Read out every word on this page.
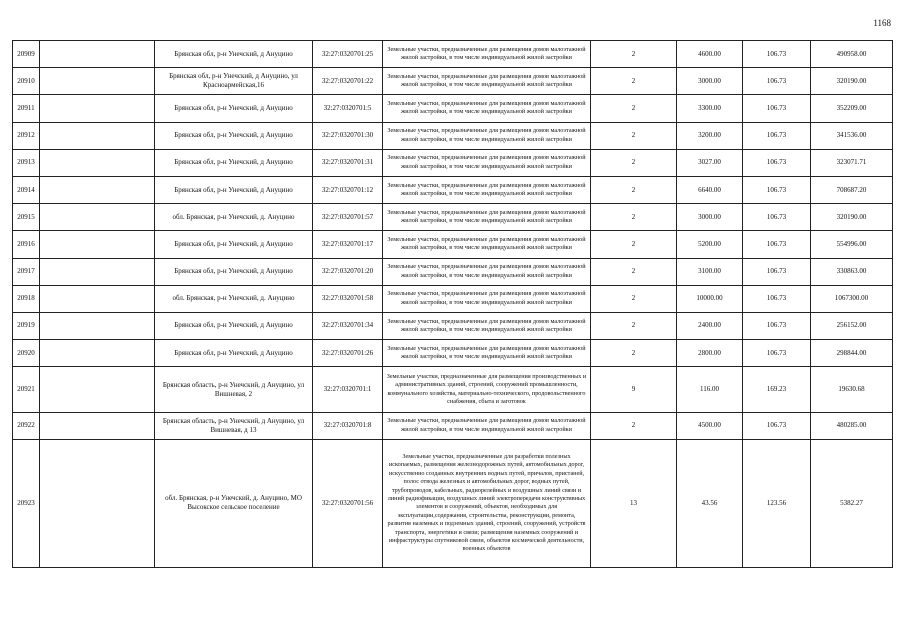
1168
20909		Брянская обл, р-н Унечский, д Ануцино	32:27:0320701:25	Земельные участки, предназначенные для размещения домов малоэтажной жилой застройки, в том числе индивидуальной жилой застройки	2	4600.00	106.73	490958.00
20910		Брянская обл, р-н Унечский, д Ануцино, ул Красноармейская,16	32:27:0320701:22	Земельные участки, предназначенные для размещения домов малоэтажной жилой застройки, в том числе индивидуальной жилой застройки	2	3000.00	106.73	320190.00
20911		Брянская обл, р-н Унечский, д Ануцино	32:27:0320701:5	Земельные участки, предназначенные для размещения домов малоэтажной жилой застройки, в том числе индивидуальной жилой застройки	2	3300.00	106.73	352209.00
20912		Брянская обл, р-н Унечский, д Ануцино	32:27:0320701:30	Земельные участки, предназначенные для размещения домов малоэтажной жилой застройки, в том числе индивидуальной жилой застройки	2	3200.00	106.73	341536.00
20913		Брянская обл, р-н Унечский, д Ануцино	32:27:0320701:31	Земельные участки, предназначенные для размещения домов малоэтажной жилой застройки, в том числе индивидуальной жилой застройки	2	3027.00	106.73	323071.71
20914		Брянская обл, р-н Унечский, д Ануцино	32:27:0320701:12	Земельные участки, предназначенные для размещения домов малоэтажной жилой застройки, в том числе индивидуальной жилой застройки	2	6640.00	106.73	708687.20
20915		обл. Брянская, р-н Унечский, д. Ануцино	32:27:0320701:57	Земельные участки, предназначенные для размещения домов малоэтажной жилой застройки, в том числе индивидуальной жилой застройки	2	3000.00	106.73	320190.00
20916		Брянская обл, р-н Унечский, д Ануцино	32:27:0320701:17	Земельные участки, предназначенные для размещения домов малоэтажной жилой застройки, в том числе индивидуальной жилой застройки	2	5200.00	106.73	554996.00
20917		Брянская обл, р-н Унечский, д Ануцино	32:27:0320701:20	Земельные участки, предназначенные для размещения домов малоэтажной жилой застройки, в том числе индивидуальной жилой застройки	2	3100.00	106.73	330863.00
20918		обл. Брянская, р-н Унечский, д. Ануцино	32:27:0320701:58	Земельные участки, предназначенные для размещения домов малоэтажной жилой застройки, в том числе индивидуальной жилой застройки	2	10000.00	106.73	1067300.00
20919		Брянская обл, р-н Унечский, д Ануцино	32:27:0320701:34	Земельные участки, предназначенные для размещения домов малоэтажной жилой застройки, в том числе индивидуальной жилой застройки	2	2400.00	106.73	256152.00
20920		Брянская обл, р-н Унечский, д Ануцино	32:27:0320701:26	Земельные участки, предназначенные для размещения домов малоэтажной жилой застройки, в том числе индивидуальной жилой застройки	2	2800.00	106.73	298844.00
20921		Брянская область, р-н Унечский, д Ануцино, ул Вишневая, 2	32:27:0320701:1	Земельные участки, предназначенные для размещения производственных и административных зданий, строений, сооружений промышленности, коммунального хозяйства, материально-технического, продовольственного снабжения, сбыта и заготовок	9	116.00	169.23	19630.68
20922		Брянская область, р-н Унечский, д Ануцино, ул Вишневая, д 13	32:27:0320701:8	Земельные участки, предназначенные для размещения домов малоэтажной жилой застройки, в том числе индивидуальной жилой застройки	2	4500.00	106.73	480285.00
20923		обл. Брянская, р-н Унечский, д. Ануцино, МО Высокское сельское поселение	32:27:0320701:56	Земельные участки, предназначенные для разработки полезных ископаемых, размещения железнодорожных путей, автомобильных дорог, искусственно созданных внутренних водных путей, причалов, пристаней, полос отвода железных и автомобильных дорог, водных путей, трубопроводов, кабельных, радиорелейных и воздушных линий связи и линий радиофикации, воздушных линий электропередачи конструктивных элементов и сооружений, объектов, необходимых для эксплуатации,содержания, строительства, реконструкции, ремонта, развития наземных и подземных зданий, строений, сооружений, устройств транспорта, энергетики и связи; размещения наземных сооружений и инфраструктуры спутниковой связи, объектов космической деятельности, военных объектов	13	43.56	123.56	5382.27
